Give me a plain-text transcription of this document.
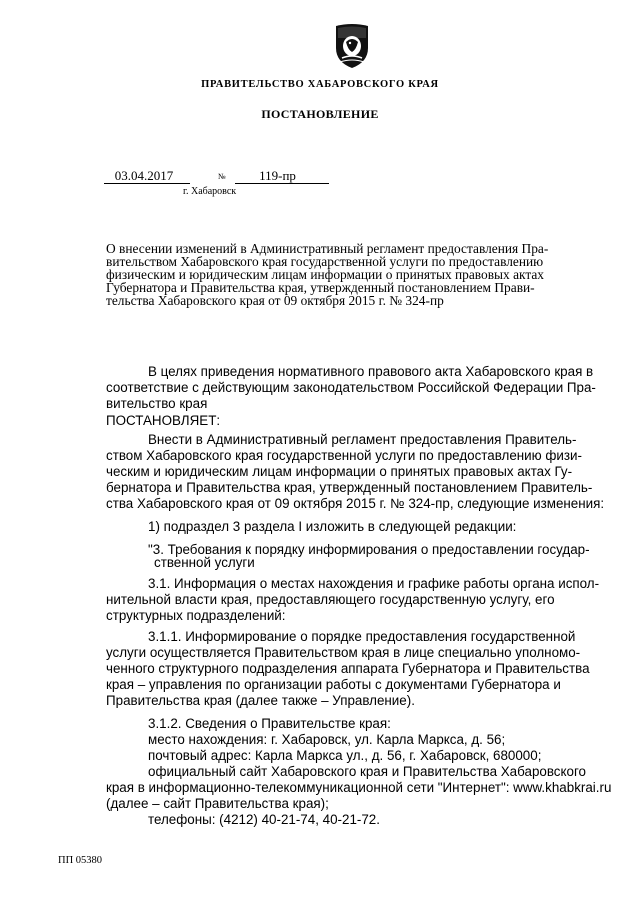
ПРАВИТЕЛЬСТВО ХАБАРОВСКОГО КРАЯ
ПОСТАНОВЛЕНИЕ
03.04.2017	№	119-пр
г. Хабаровск
О внесении изменений в Административный регламент предоставления Пра-
вительством Хабаровского края государственной услуги по предоставлению
физическим и юридическим лицам информации о принятых правовых актах
Губернатора и Правительства края, утвержденный постановлением Прави-
тельства Хабаровского края от 09 октября 2015 г. № 324-пр
В целях приведения нормативного правового акта Хабаровского края в
соответствие с действующим законодательством Российской Федерации Пра-
вительство края
ПОСТАНОВЛЯЕТ:
Внести в Административный регламент предоставления Правитель-
ством Хабаровского края государственной услуги по предоставлению физи-
ческим и юридическим лицам информации о принятых правовых актах Гу-
бернатора и Правительства края, утвержденный постановлением Правитель-
ства Хабаровского края от 09 октября 2015 г. № 324-пр, следующие изменения:
1) подраздел 3 раздела I изложить в следующей редакции:
"3. Требования к порядку информирования о предоставлении государ-
ственной услуги
3.1. Информация о местах нахождения и графике работы органа испол-
нительной власти края, предоставляющего государственную услугу, его
структурных подразделений:
3.1.1. Информирование о порядке предоставления государственной
услуги осуществляется Правительством края в лице специально уполномо-
ченного структурного подразделения аппарата Губернатора и Правительства
края – управления по организации работы с документами Губернатора и
Правительства края (далее также – Управление).
3.1.2. Сведения о Правительстве края:
место нахождения: г. Хабаровск, ул. Карла Маркса, д. 56;
почтовый адрес: Карла Маркса ул., д. 56, г. Хабаровск, 680000;
официальный сайт Хабаровского края и Правительства Хабаровского
края в информационно-телекоммуникационной сети "Интернет": www.khabkrai.ru
(далее – сайт Правительства края);
телефоны: (4212) 40-21-74, 40-21-72.
ПП 05380
